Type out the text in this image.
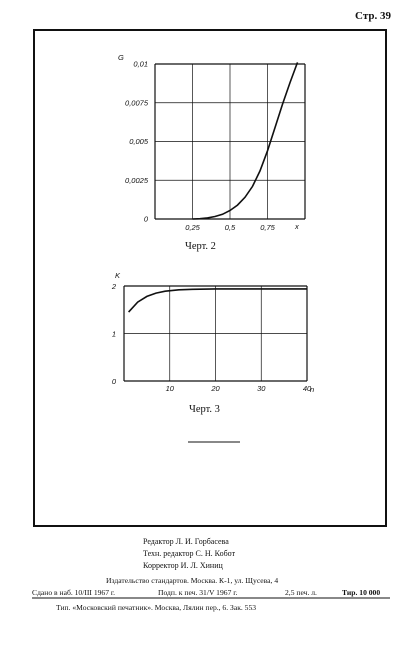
Стр. 39
0,25	0,5	0,75
0
0,0025
0,005
0,0075
0,01
G
x
Черт. 2
10	20	30	40
0
1
2
K
n
Черт. 3
Редактор Л. И. Горбасева
Техн. редактор С. Н. Кобот
Корректор И. Л. Хиниц
Издательство стандартов. Москва. К-1, ул. Щусева, 4
Сдано в наб. 10/III 1967 г.	Подп. к печ. 31/V 1967 г.	2,5 печ. л.	Тир. 10 000
Тип. «Московский печатник». Москва, Лялин пер., 6. Зак. 553
